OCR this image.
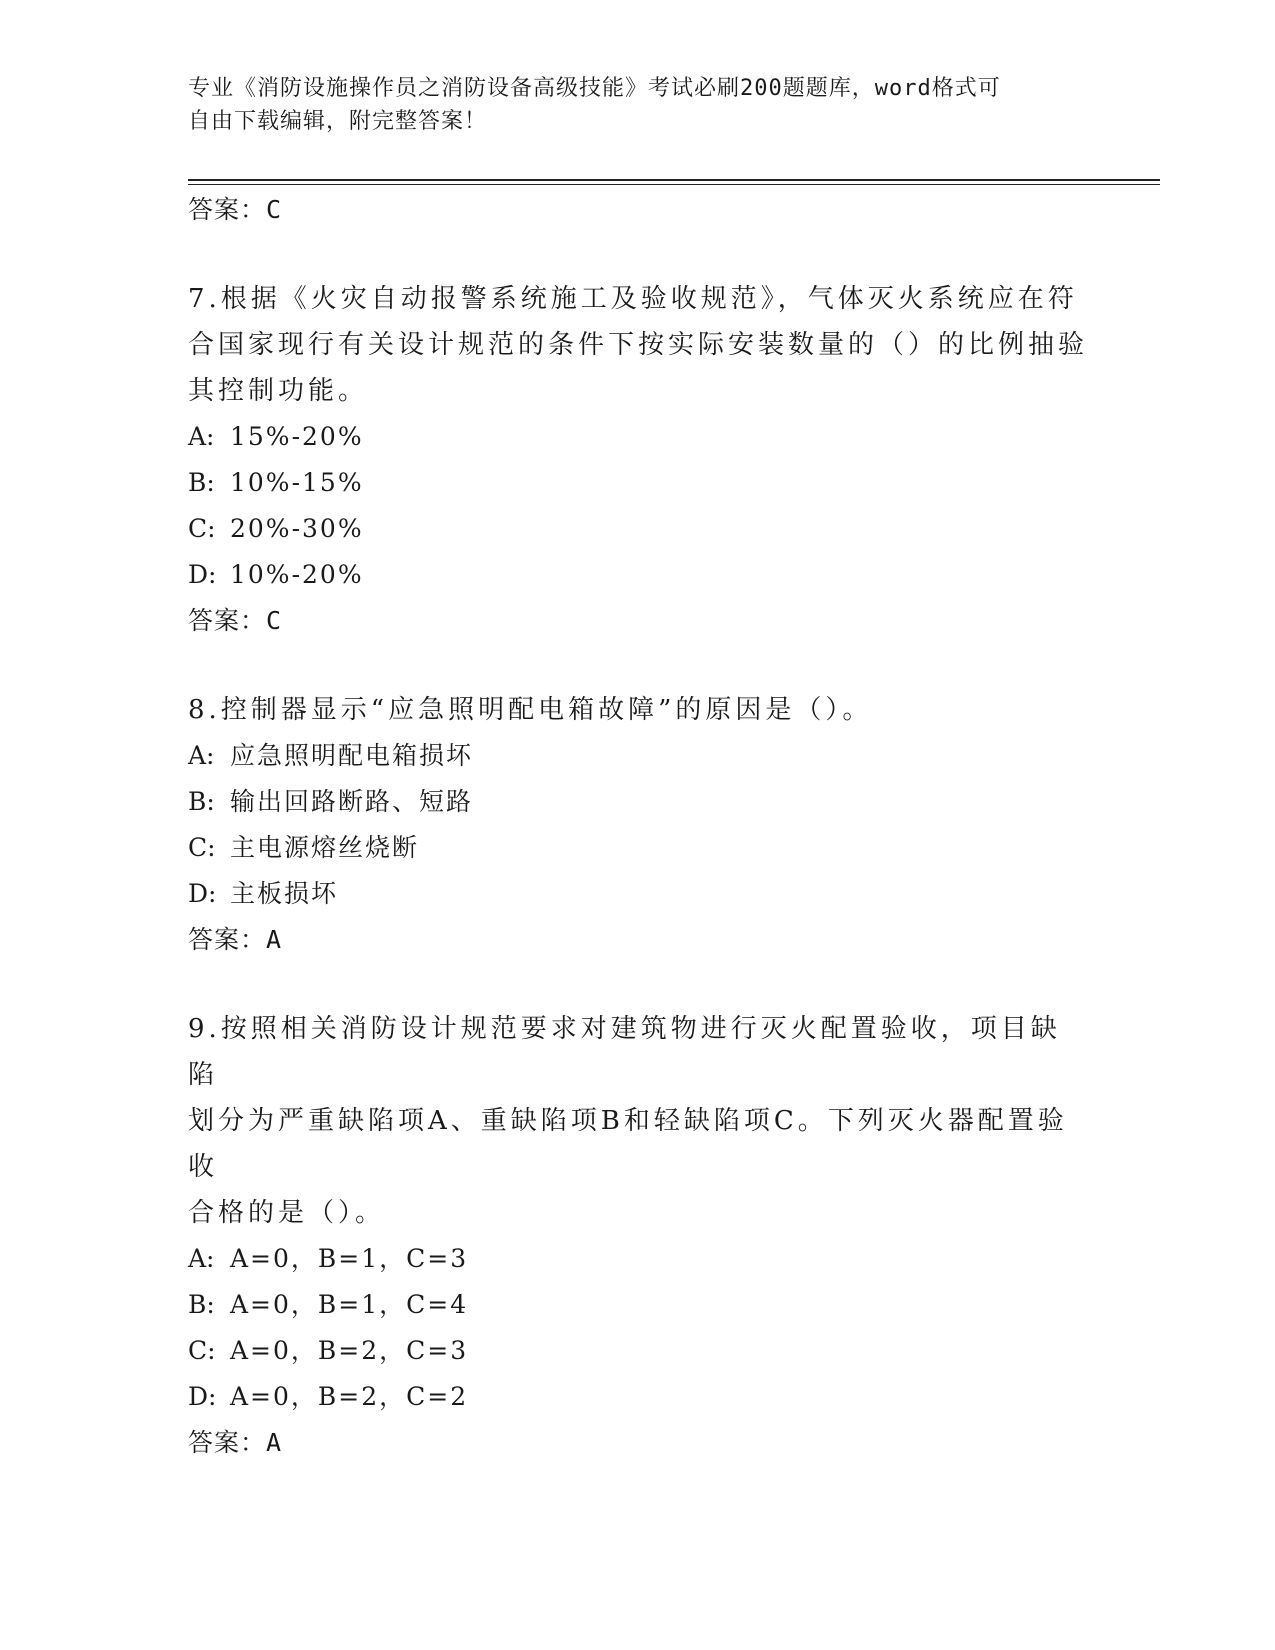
专业《消防设施操作员之消防设备高级技能》考试必刷200题题库，word格式可
自由下载编辑，附完整答案！
答案：C
7.根据《火灾自动报警系统施工及验收规范》，气体灭火系统应在符
合国家现行有关设计规范的条件下按实际安装数量的（）的比例抽验
其控制功能。
A: 15%-20%
B: 10%-15%
C: 20%-30%
D: 10%-20%
答案：C
8.控制器显示“应急照明配电箱故障”的原因是（）。
A: 应急照明配电箱损坏
B: 输出回路断路、短路
C: 主电源熔丝烧断
D: 主板损坏
答案：A
9.按照相关消防设计规范要求对建筑物进行灭火配置验收，项目缺陷
划分为严重缺陷项A、重缺陷项B和轻缺陷项C。下列灭火器配置验收
合格的是（）。
A: A=0，B=1，C=3
B: A=0，B=1，C=4
C: A=0，B=2，C=3
D: A=0，B=2，C=2
答案：A
